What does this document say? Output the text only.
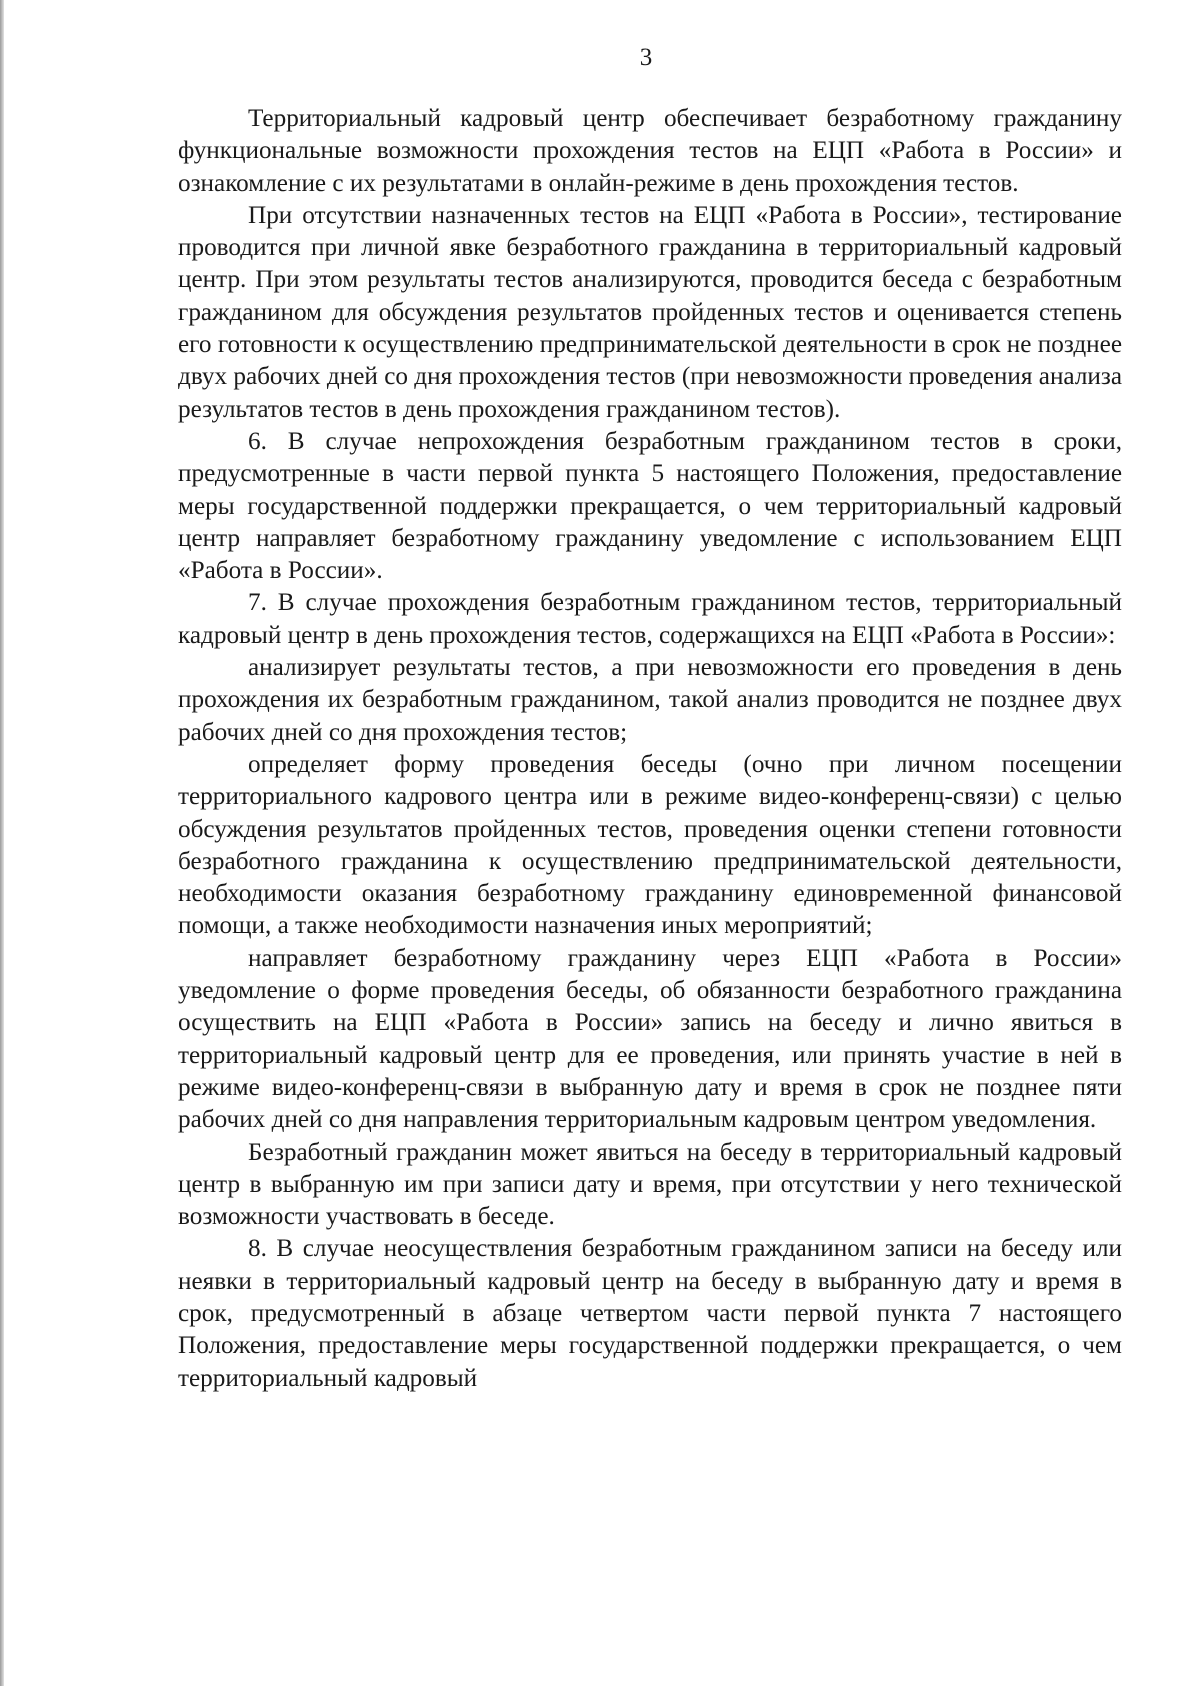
3

Территориальный кадровый центр обеспечивает безработному гражданину функциональные возможности прохождения тестов на ЕЦП «Работа в России» и ознакомление с их результатами в онлайн-режиме в день прохождения тестов.

При отсутствии назначенных тестов на ЕЦП «Работа в России», тестирование проводится при личной явке безработного гражданина в территориальный кадровый центр. При этом результаты тестов анализируются, проводится беседа с безработным гражданином для обсуждения результатов пройденных тестов и оценивается степень его готовности к осуществлению предпринимательской деятельности в срок не позднее двух рабочих дней со дня прохождения тестов (при невозможности проведения анализа результатов тестов в день прохождения гражданином тестов).

6. В случае непрохождения безработным гражданином тестов в сроки, предусмотренные в части первой пункта 5 настоящего Положения, предоставление меры государственной поддержки прекращается, о чем территориальный кадровый центр направляет безработному гражданину уведомление с использованием ЕЦП «Работа в России».

7. В случае прохождения безработным гражданином тестов, территориальный кадровый центр в день прохождения тестов, содержащихся на ЕЦП «Работа в России»:

анализирует результаты тестов, а при невозможности его проведения в день прохождения их безработным гражданином, такой анализ проводится не позднее двух рабочих дней со дня прохождения тестов;

определяет форму проведения беседы (очно при личном посещении территориального кадрового центра или в режиме видео-конференц-связи) с целью обсуждения результатов пройденных тестов, проведения оценки степени готовности безработного гражданина к осуществлению предпринимательской деятельности, необходимости оказания безработному гражданину единовременной финансовой помощи, а также необходимости назначения иных мероприятий;

направляет безработному гражданину через ЕЦП «Работа в России» уведомление о форме проведения беседы, об обязанности безработного гражданина осуществить на ЕЦП «Работа в России» запись на беседу и лично явиться в территориальный кадровый центр для ее проведения, или принять участие в ней в режиме видео-конференц-связи в выбранную дату и время в срок не позднее пяти рабочих дней со дня направления территориальным кадровым центром уведомления.

Безработный гражданин может явиться на беседу в территориальный кадровый центр в выбранную им при записи дату и время, при отсутствии у него технической возможности участвовать в беседе.

8. В случае неосуществления безработным гражданином записи на беседу или неявки в территориальный кадровый центр на беседу в выбранную дату и время в срок, предусмотренный в абзаце четвертом части первой пункта 7 настоящего Положения, предоставление меры государственной поддержки прекращается, о чем территориальный кадровый
